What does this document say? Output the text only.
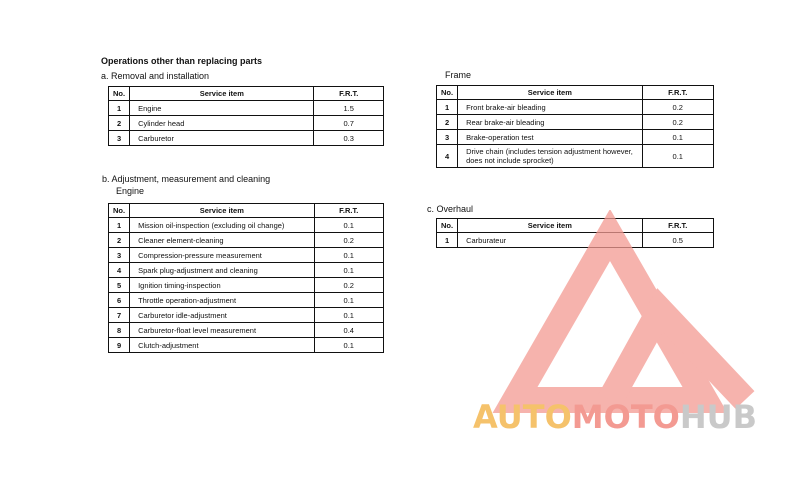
Operations other than replacing parts
a. Removal and installation
b. Adjustment, measurement and cleaning
Engine
Frame
c. Overhaul
No.	Service item	F.R.T.
1	Engine	1.5
2	Cylinder head	0.7
3	Carburetor	0.3
No.	Service item	F.R.T.
1	Mission oil-inspection (excluding oil change)	0.1
2	Cleaner element-cleaning	0.2
3	Compression-pressure measurement	0.1
4	Spark plug-adjustment and cleaning	0.1
5	Ignition timing-inspection	0.2
6	Throttle operation-adjustment	0.1
7	Carburetor idle-adjustment	0.1
8	Carburetor-float level measurement	0.4
9	Clutch-adjustment	0.1
No.	Service item	F.R.T.
1	Front brake-air bleading	0.2
2	Rear brake-air bleading	0.2
3	Brake-operation test	0.1
4	Drive chain (includes tension adjustment however, does not include sprocket)	0.1
No.	Service item	F.R.T.
1	Carburateur	0.5
AUTOMOTOHUB
